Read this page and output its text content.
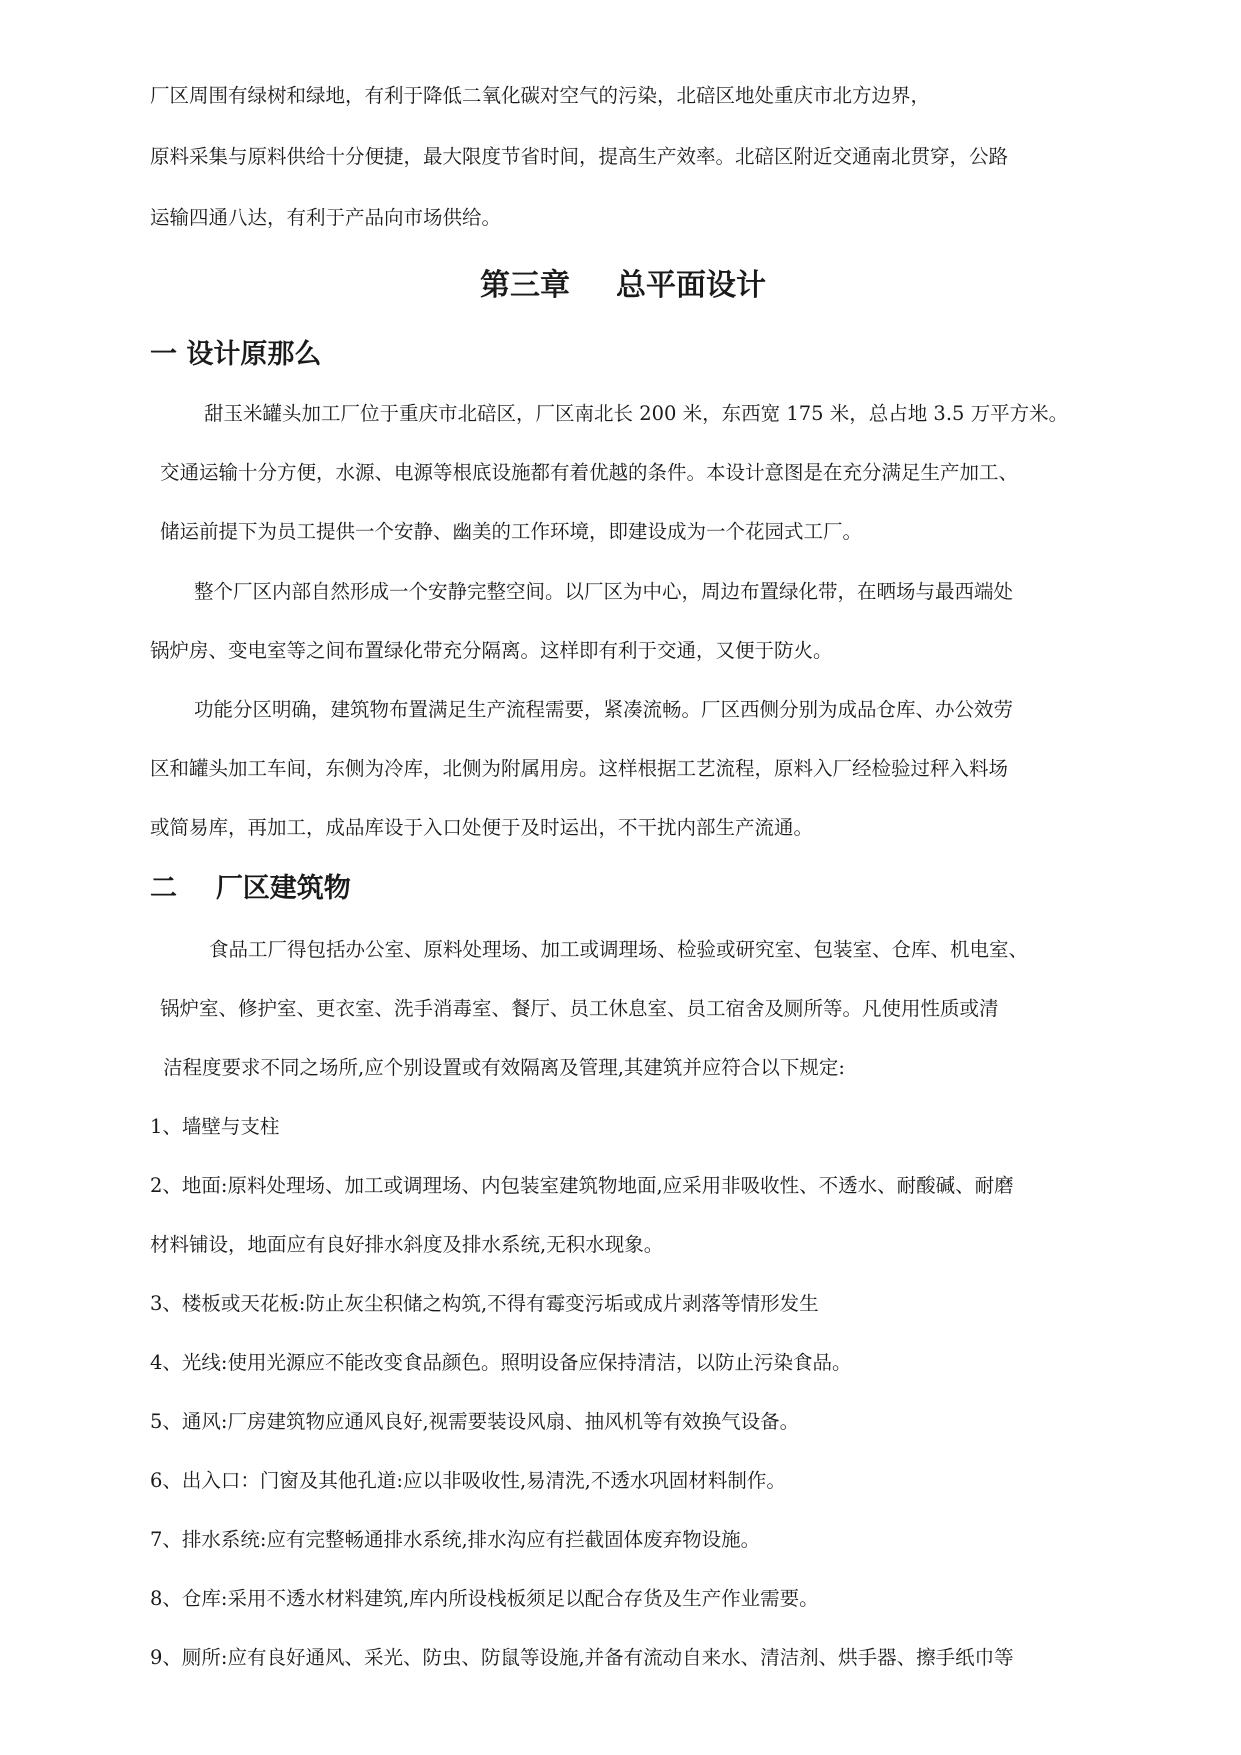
厂区周围有绿树和绿地，有利于降低二氧化碳对空气的污染，北碚区地处重庆市北方边界，

原料采集与原料供给十分便捷，最大限度节省时间，提高生产效率。北碚区附近交通南北贯穿，公路

运输四通八达，有利于产品向市场供给。

第三章 总平面设计
一 设计原那么

甜玉米罐头加工厂位于重庆市北碚区，厂区南北长 200 米，东西宽 175 米，总占地 3.5 万平方米。

交通运输十分方便，水源、电源等根底设施都有着优越的条件。本设计意图是在充分满足生产加工、

储运前提下为员工提供一个安静、幽美的工作环境，即建设成为一个花园式工厂。

整个厂区内部自然形成一个安静完整空间。以厂区为中心，周边布置绿化带，在晒场与最西端处

锅炉房、变电室等之间布置绿化带充分隔离。这样即有利于交通，又便于防火。

功能分区明确，建筑物布置满足生产流程需要，紧凑流畅。厂区西侧分别为成品仓库、办公效劳

区和罐头加工车间，东侧为冷库，北侧为附属用房。这样根据工艺流程，原料入厂经检验过秤入料场

或简易库，再加工，成品库设于入口处便于及时运出，不干扰内部生产流通。

二 厂区建筑物

食品工厂得包括办公室、原料处理场、加工或调理场、检验或研究室、包装室、仓库、机电室、

锅炉室、修护室、更衣室、洗手消毒室、餐厅、员工休息室、员工宿舍及厕所等。凡使用性质或清

洁程度要求不同之场所,应个别设置或有效隔离及管理,其建筑并应符合以下规定:

1、墙壁与支柱

2、地面:原料处理场、加工或调理场、内包装室建筑物地面,应采用非吸收性、不透水、耐酸碱、耐磨

材料铺设，地面应有良好排水斜度及排水系统,无积水现象。

3、楼板或天花板:防止灰尘积储之构筑,不得有霉变污垢或成片剥落等情形发生

4、光线:使用光源应不能改变食品颜色。照明设备应保持清洁，以防止污染食品。

5、通风:厂房建筑物应通风良好,视需要装设风扇、抽风机等有效换气设备。

6、出入口：门窗及其他孔道:应以非吸收性,易清洗,不透水巩固材料制作。

7、排水系统:应有完整畅通排水系统,排水沟应有拦截固体废弃物设施。

8、仓库:采用不透水材料建筑,库内所设栈板须足以配合存货及生产作业需要。

9、厕所:应有良好通风、采光、防虫、防鼠等设施,并备有流动自来水、清洁剂、烘手器、擦手纸巾等
